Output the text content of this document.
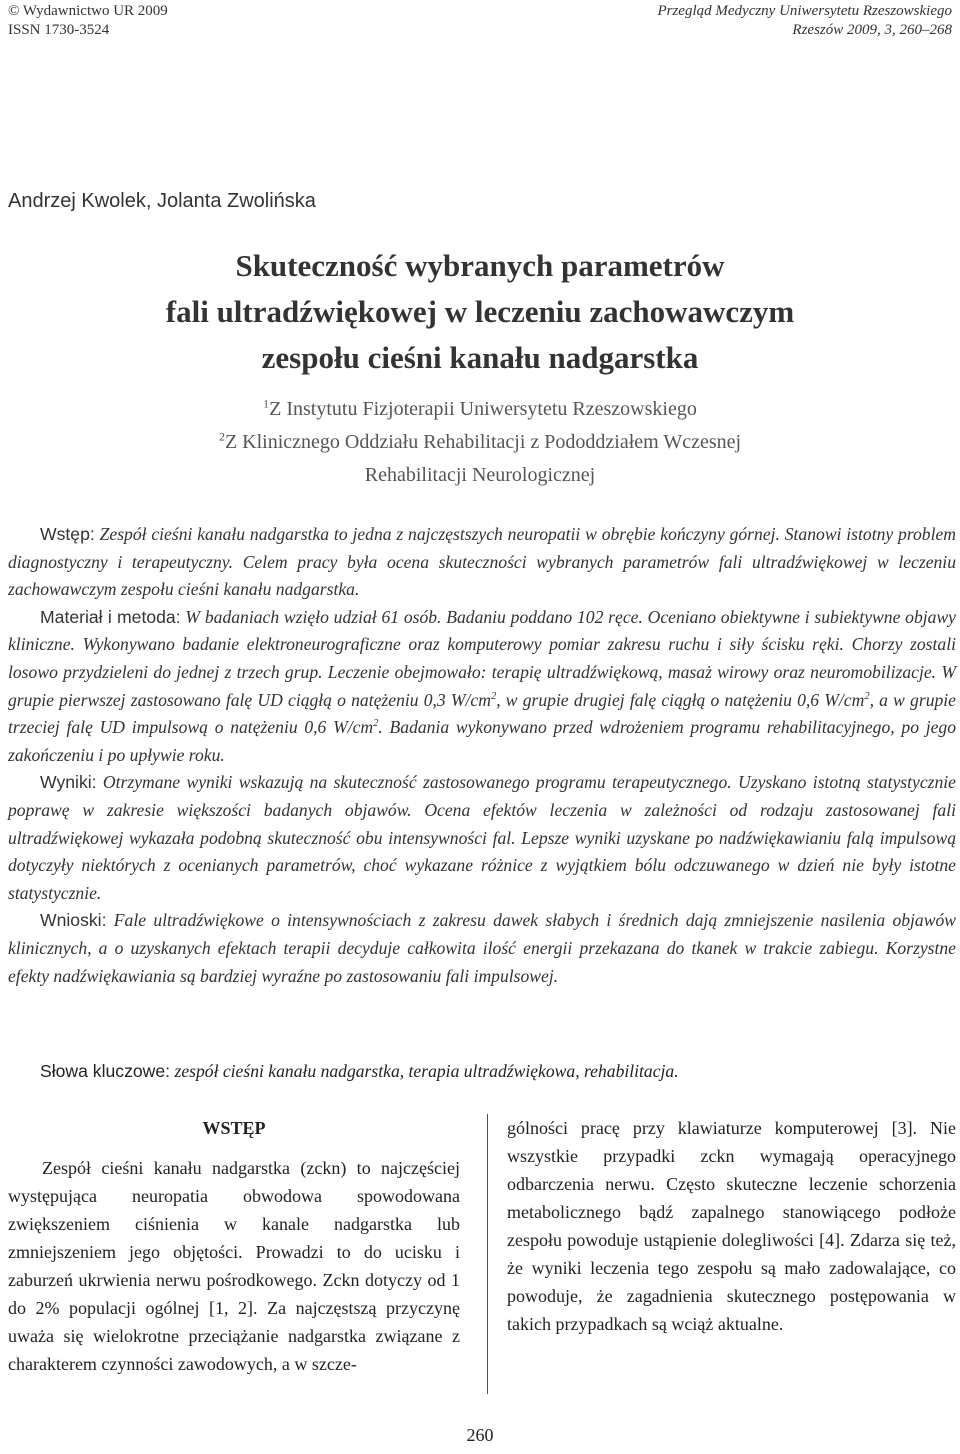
© Wydawnictwo UR 2009
ISSN 1730-3524
Przegląd Medyczny Uniwersytetu Rzeszowskiego
Rzeszów 2009, 3, 260–268
Andrzej Kwolek, Jolanta Zwolińska
Skuteczność wybranych parametrów
fali ultradźwiękowej w leczeniu zachowawczym
zespołu cieśni kanału nadgarstka
$^1$Z Instytutu Fizjoterapii Uniwersytetu Rzeszowskiego
$^2$Z Klinicznego Oddziału Rehabilitacji z Pododdziałem Wczesnej
Rehabilitacji Neurologicznej

Wstęp: Zespół cieśni kanału nadgarstka to jedna z najczęstszych neuropatii w obrębie kończyny górnej. Stanowi istotny problem diagnostyczny i terapeutyczny. Celem pracy była ocena skuteczności wybranych parametrów fali ultradźwiękowej w leczeniu zachowawczym zespołu cieśni kanału nadgarstka.

Materiał i metoda: W badaniach wzięło udział 61 osób. Badaniu poddano 102 ręce. Oceniano obiektywne i subiektywne objawy kliniczne. Wykonywano badanie elektroneurograficzne oraz komputerowy pomiar zakresu ruchu i siły ścisku ręki. Chorzy zostali losowo przydzieleni do jednej z trzech grup. Leczenie obejmowało: terapię ultradźwiękową, masaż wirowy oraz neuromobilizacje. W grupie pierwszej zastosowano falę UD ciągłą o natężeniu 0,3 $W/cm^2$, w grupie drugiej falę ciągłą o natężeniu 0,6 $W/cm^2$, a w grupie trzeciej falę UD impulsową o natężeniu 0,6 $W/cm^2$. Badania wykonywano przed wdrożeniem programu rehabilitacyjnego, po jego zakończeniu i po upływie roku.

Wyniki: Otrzymane wyniki wskazują na skuteczność zastosowanego programu terapeutycznego. Uzyskano istotną statystycznie poprawę w zakresie większości badanych objawów. Ocena efektów leczenia w zależności od rodzaju zastosowanej fali ultradźwiękowej wykazała podobną skuteczność obu intensywności fal. Lepsze wyniki uzyskane po nadźwiękawianiu falą impulsową dotyczyły niektórych z ocenianych parametrów, choć wykazane różnice z wyjątkiem bólu odczuwanego w dzień nie były istotne statystycznie.

Wnioski: Fale ultradźwiękowe o intensywnościach z zakresu dawek słabych i średnich dają zmniejszenie nasilenia objawów klinicznych, a o uzyskanych efektach terapii decyduje całkowita ilość energii przekazana do tkanek w trakcie zabiegu. Korzystne efekty nadźwiękawiania są bardziej wyraźne po zastosowaniu fali impulsowej.

Słowa kluczowe: zespół cieśni kanału nadgarstka, terapia ultradźwiękowa, rehabilitacja.
WSTĘP

Zespół cieśni kanału nadgarstka (zckn) to najczęściej występująca neuropatia obwodowa spowodowana zwiększeniem ciśnienia w kanale nadgarstka lub zmniejszeniem jego objętości. Prowadzi to do ucisku i zaburzeń ukrwienia nerwu pośrodkowego. Zckn dotyczy od 1 do 2% populacji ogólnej [1, 2]. Za najczęstszą przyczynę uważa się wielokrotne przeciążanie nadgarstka związane z charakterem czynności zawodowych, a w szcze-

gólności pracę przy klawiaturze komputerowej [3]. Nie wszystkie przypadki zckn wymagają operacyjnego odbarczenia nerwu. Często skuteczne leczenie schorzenia metabolicznego bądź zapalnego stanowiącego podłoże zespołu powoduje ustąpienie dolegliwości [4]. Zdarza się też, że wyniki leczenia tego zespołu są mało zadowalające, co powoduje, że zagadnienia skutecznego postępowania w takich przypadkach są wciąż aktualne.

260
